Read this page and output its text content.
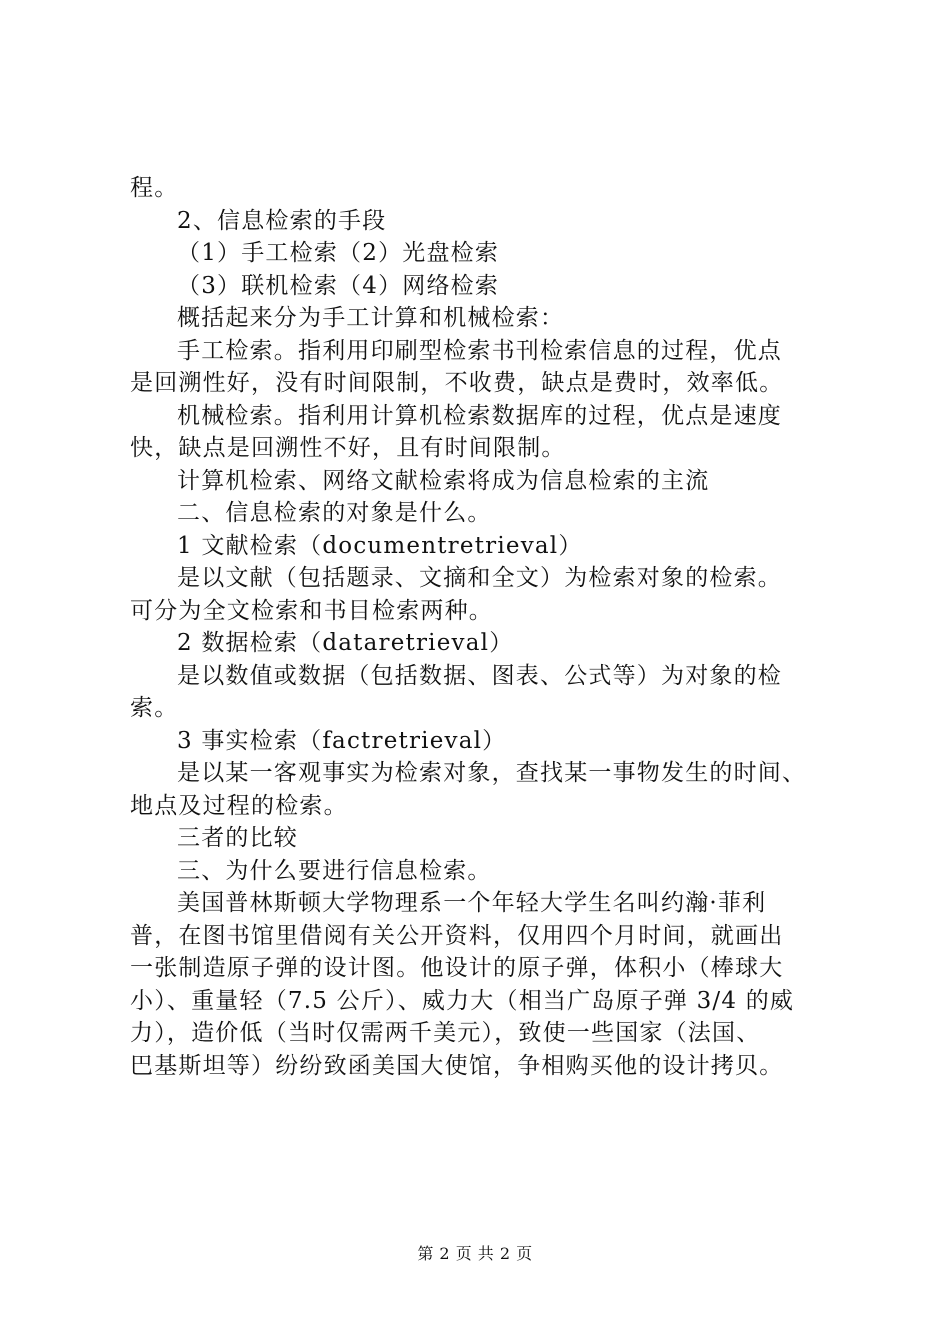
程。
2、信息检索的手段
（1）手工检索（2）光盘检索
（3）联机检索（4）网络检索
概括起来分为手工计算和机械检索：
手工检索。指利用印刷型检索书刊检索信息的过程，优点
是回溯性好，没有时间限制，不收费，缺点是费时，效率低。
机械检索。指利用计算机检索数据库的过程，优点是速度
快，缺点是回溯性不好，且有时间限制。
计算机检索、网络文献检索将成为信息检索的主流
二、信息检索的对象是什么。
1 文献检索（documentretrieval）
是以文献（包括题录、文摘和全文）为检索对象的检索。
可分为全文检索和书目检索两种。
2 数据检索（dataretrieval）
是以数值或数据（包括数据、图表、公式等）为对象的检
索。
3 事实检索（factretrieval）
是以某一客观事实为检索对象，查找某一事物发生的时间、
地点及过程的检索。
三者的比较
三、为什么要进行信息检索。
美国普林斯顿大学物理系一个年轻大学生名叫约瀚·菲利
普，在图书馆里借阅有关公开资料，仅用四个月时间，就画出
一张制造原子弹的设计图。他设计的原子弹，体积小（棒球大
小）、重量轻（7.5 公斤）、威力大（相当广岛原子弹 3/4 的威
力），造价低（当时仅需两千美元），致使一些国家（法国、
巴基斯坦等）纷纷致函美国大使馆，争相购买他的设计拷贝。
第 2 页 共 2 页
